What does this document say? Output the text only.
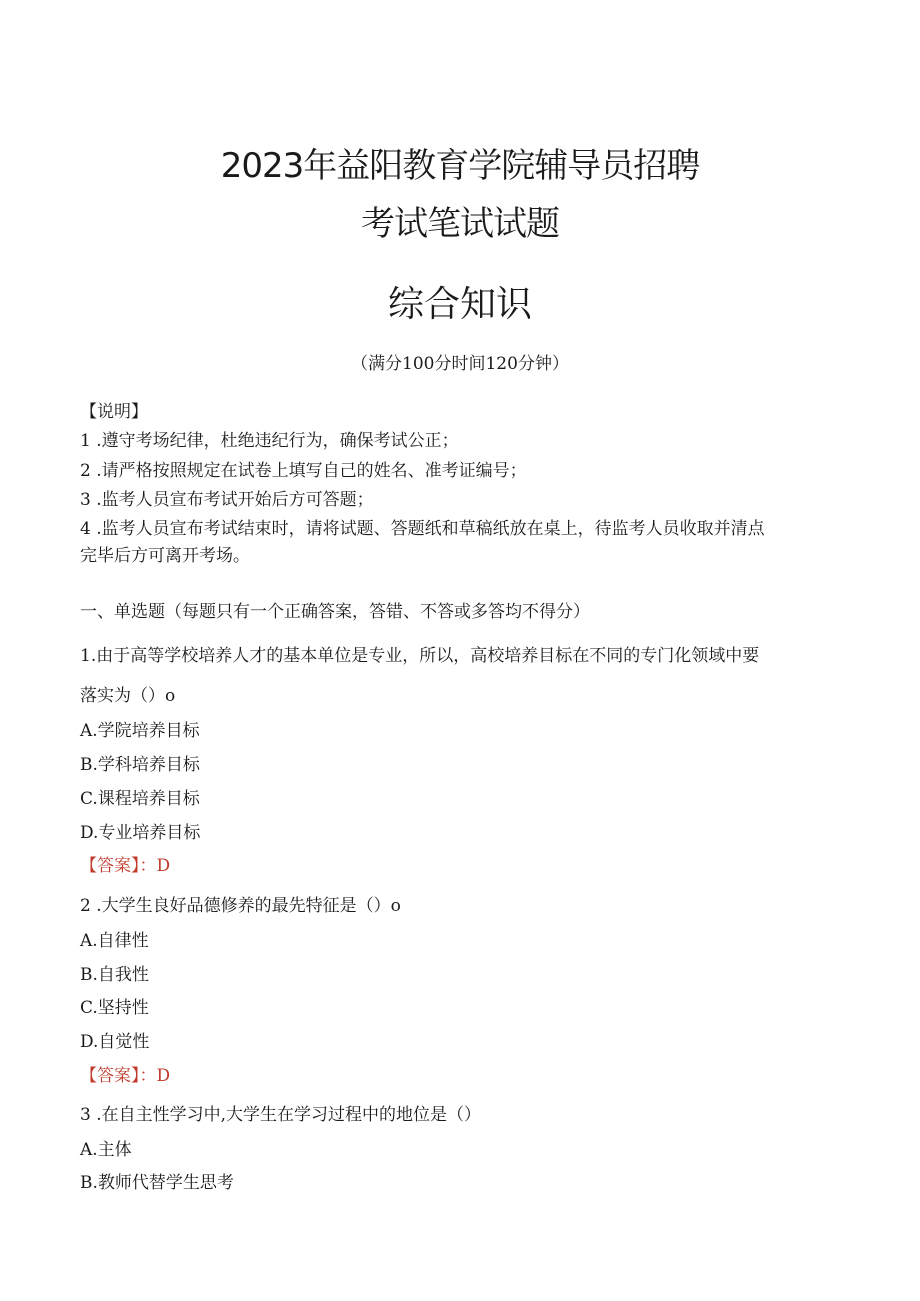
2023年益阳教育学院辅导员招聘
考试笔试试题
综合知识
（满分100分时间120分钟）
【说明】
1 .遵守考场纪律，杜绝违纪行为，确保考试公正；
2 .请严格按照规定在试卷上填写自己的姓名、准考证编号；
3 .监考人员宣布考试开始后方可答题；
4 .监考人员宣布考试结束时，请将试题、答题纸和草稿纸放在桌上，待监考人员收取并清点
完毕后方可离开考场。
一、单选题（每题只有一个正确答案，答错、不答或多答均不得分）
1.由于高等学校培养人才的基本单位是专业，所以，高校培养目标在不同的专门化领域中要
落实为（）o
A.学院培养目标
B.学科培养目标
C.课程培养目标
D.专业培养目标
【答案】：D
2 .大学生良好品德修养的最先特征是（）o
A.自律性
B.自我性
C.坚持性
D.自觉性
【答案】：D
3 .在自主性学习中,大学生在学习过程中的地位是（）
A.主体
B.教师代替学生思考
